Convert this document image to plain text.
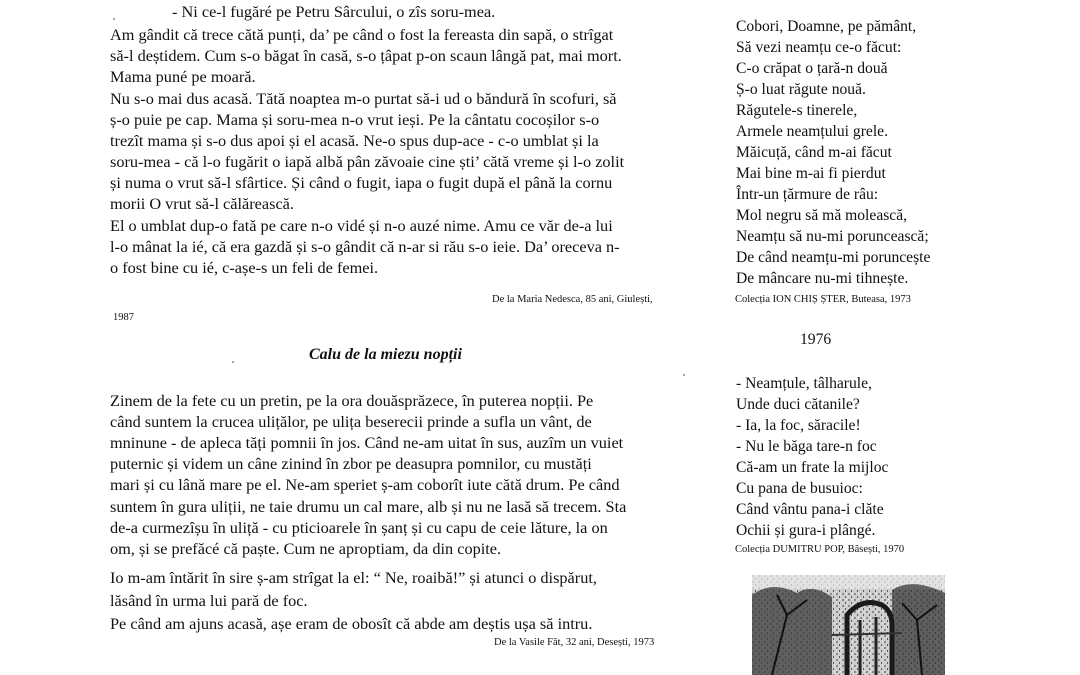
- Ni ce-l fugăré pe Petru Sârcului, o zîs soru-mea.
Am gândit că trece cătă punți, da’ pe când o fost la fereasta din sapă, o strîgat
să-l deștidem. Cum s-o băgat în casă, s-o țâpat p-on scaun lângă pat, mai mort.
Mama puné pe moară.
Nu s-o mai dus acasă. Tătă noaptea m-o purtat să-i ud o băndură în scofuri, să
ș-o puie pe cap. Mama și soru-mea n-o vrut ieși. Pe la cântatu cocoșilor s-o
trezît mama și s-o dus apoi și el acasă. Ne-o spus dup-ace - c-o umblat și la
soru-mea - că l-o fugărit o iapă albă pân zăvoaie cine ști’ cătă vreme și l-o zolit
și numa o vrut să-l sfârtice. Și când o fugit, iapa o fugit după el până la cornu
morii O vrut să-l călărească.
El o umblat dup-o fată pe care n-o vidé și n-o auzé nime. Amu ce văr de-a lui
l-o mânat la ié, că era gazdă și s-o gândit că n-ar si rău s-o ieie. Da’ oreceva n-
o fost bine cu ié, c-așe-s un feli de femei.
De la Maria Nedesca, 85 ani, Giulești,
1987
Calu de la miezu nopții
Zinem de la fete cu un pretin, pe la ora douăsprăzece, în puterea nopții. Pe
când suntem la crucea ulițălor, pe ulița beserecii prinde a sufla un vânt, de
mninune - de apleca tăți pomnii în jos. Când ne-am uitat în sus, auzîm un vuiet
puternic și videm un câne zinind în zbor pe deasupra pomnilor, cu mustăți
mari și cu lână mare pe el. Ne-am speriet ș-am coborît iute cătă drum. Pe când
suntem în gura uliții, ne taie drumu un cal mare, alb și nu ne lasă să trecem. Sta
de-a curmezîșu în uliță - cu pticioarele în șanț și cu capu de ceie lăture, la on
om, și se prefăcé că paște. Cum ne aproptiam, da din copite.
Io m-am întărit în sire ș-am strîgat la el: “ Ne, roaibă!” și atunci o dispărut,
lăsând în urma lui pară de foc.
Pe când am ajuns acasă, așe eram de obosît că abde am deștis ușa să intru.
De la Vasile Făt, 32 ani, Desești, 1973
Cobori, Doamne, pe pământ,
Să vezi neamțu ce-o făcut:
C-o crăpat o țară-n două
Ș-o luat răgute nouă.
Răgutele-s tinerele,
Armele neamțului grele.
Măicuță, când m-ai făcut
Mai bine m-ai fi pierdut
Într-un țărmure de râu:
Mol negru să mă molească,
Neamțu să nu-mi poruncească;
De când neamțu-mi poruncește
De mâncare nu-mi tihnește.
Colecția ION CHIȘ ȘTER, Buteasa, 1973
1976
- Neamțule, tâlharule,
Unde duci cătanile?
- Ia, la foc, săracile!
- Nu le băga tare-n foc
Că-am un frate la mijloc
Cu pana de busuioc:
Când vântu pana-i clăte
Ochii și gura-i plângé.
Colecția DUMITRU POP, Băsești, 1970
